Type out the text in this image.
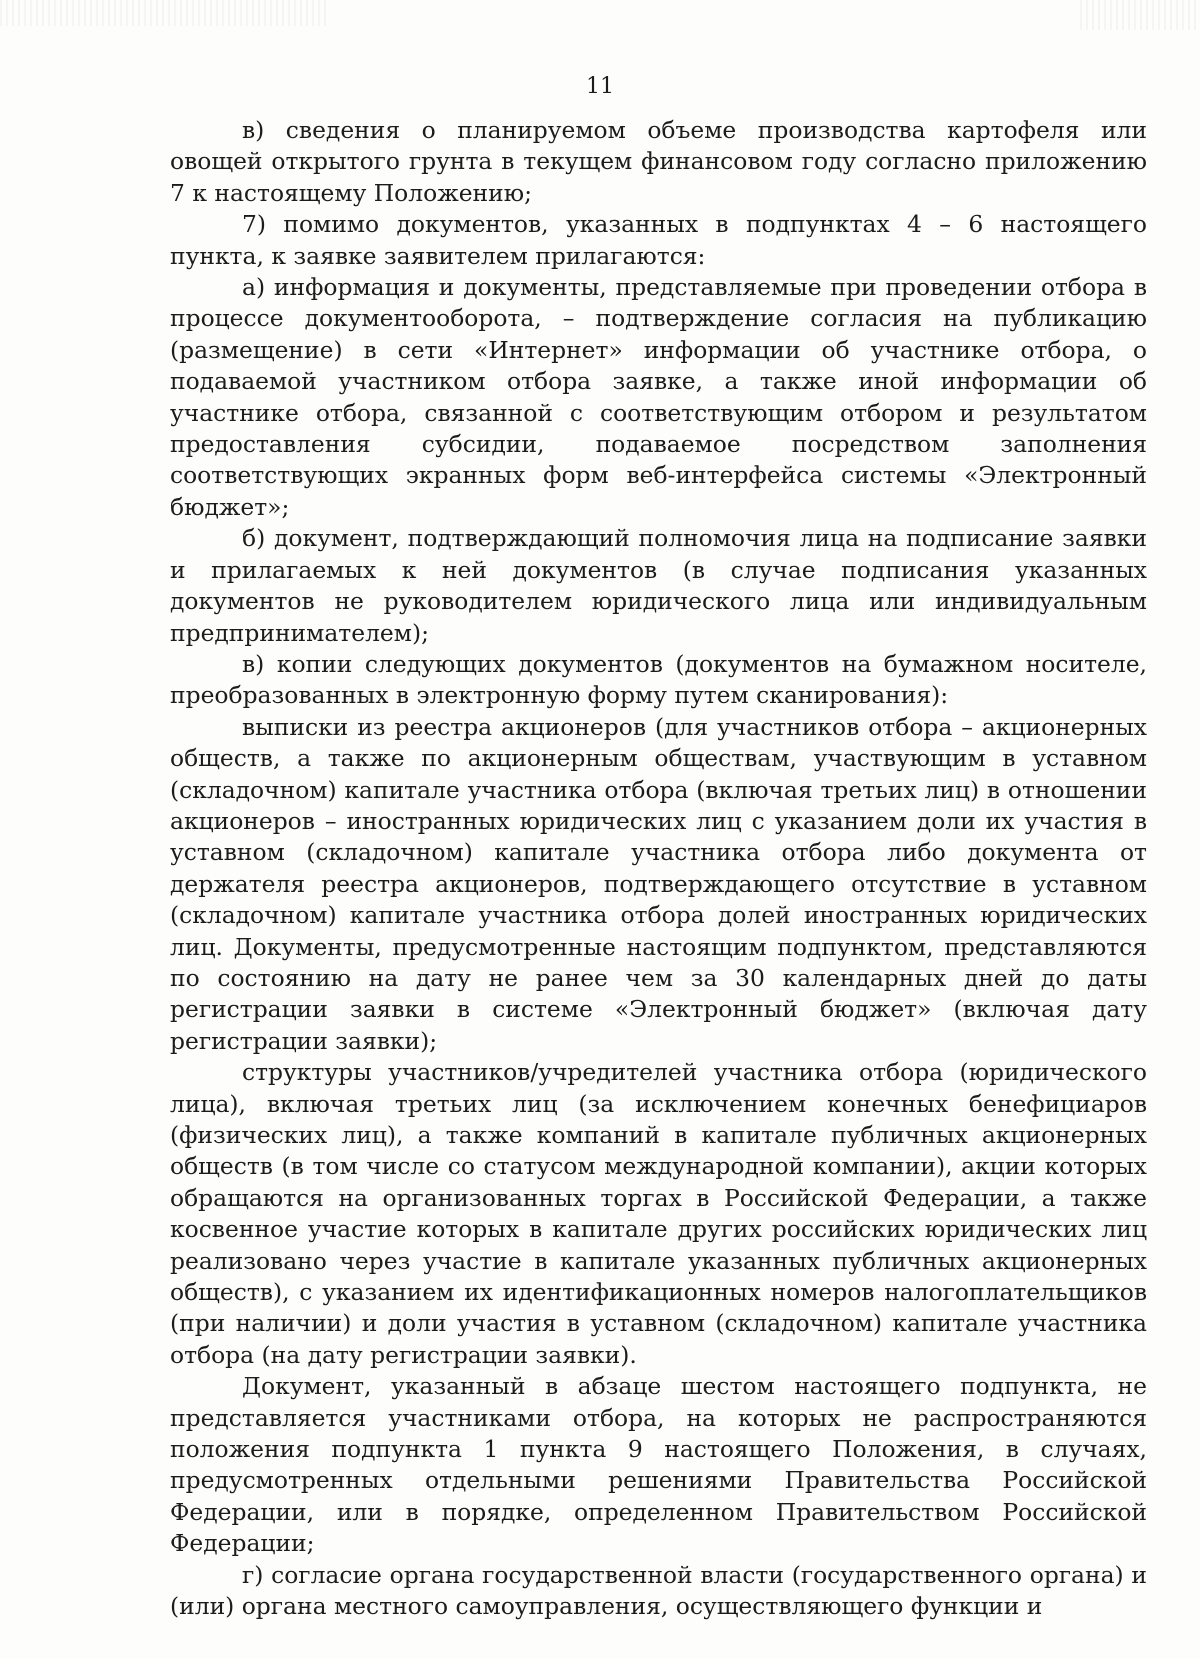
11

в) сведения о планируемом объеме производства картофеля или овощей открытого грунта в текущем финансовом году согласно приложению 7 к настоящему Положению;

7) помимо документов, указанных в подпунктах 4 – 6 настоящего пункта, к заявке заявителем прилагаются:

а) информация и документы, представляемые при проведении отбора в процессе документооборота, – подтверждение согласия на публикацию (размещение) в сети «Интернет» информации об участнике отбора, о подаваемой участником отбора заявке, а также иной информации об участнике отбора, связанной с соответствующим отбором и результатом предоставления субсидии, подаваемое посредством заполнения соответствующих экранных форм веб-интерфейса системы «Электронный бюджет»;

б) документ, подтверждающий полномочия лица на подписание заявки и прилагаемых к ней документов (в случае подписания указанных документов не руководителем юридического лица или индивидуальным предпринимателем);

в) копии следующих документов (документов на бумажном носителе, преобразованных в электронную форму путем сканирования):

выписки из реестра акционеров (для участников отбора – акционерных обществ, а также по акционерным обществам, участвующим в уставном (складочном) капитале участника отбора (включая третьих лиц) в отношении акционеров – иностранных юридических лиц с указанием доли их участия в уставном (складочном) капитале участника отбора либо документа от держателя реестра акционеров, подтверждающего отсутствие в уставном (складочном) капитале участника отбора долей иностранных юридических лиц. Документы, предусмотренные настоящим подпунктом, представляются по состоянию на дату не ранее чем за 30 календарных дней до даты регистрации заявки в системе «Электронный бюджет» (включая дату регистрации заявки);

структуры участников/учредителей участника отбора (юридического лица), включая третьих лиц (за исключением конечных бенефициаров (физических лиц), а также компаний в капитале публичных акционерных обществ (в том числе со статусом международной компании), акции которых обращаются на организованных торгах в Российской Федерации, а также косвенное участие которых в капитале других российских юридических лиц реализовано через участие в капитале указанных публичных акционерных обществ), с указанием их идентификационных номеров налогоплательщиков (при наличии) и доли участия в уставном (складочном) капитале участника отбора (на дату регистрации заявки).

Документ, указанный в абзаце шестом настоящего подпункта, не представляется участниками отбора, на которых не распространяются положения подпункта 1 пункта 9 настоящего Положения, в случаях, предусмотренных отдельными решениями Правительства Российской Федерации, или в порядке, определенном Правительством Российской Федерации;

г) согласие органа государственной власти (государственного органа) и (или) органа местного самоуправления, осуществляющего функции и
